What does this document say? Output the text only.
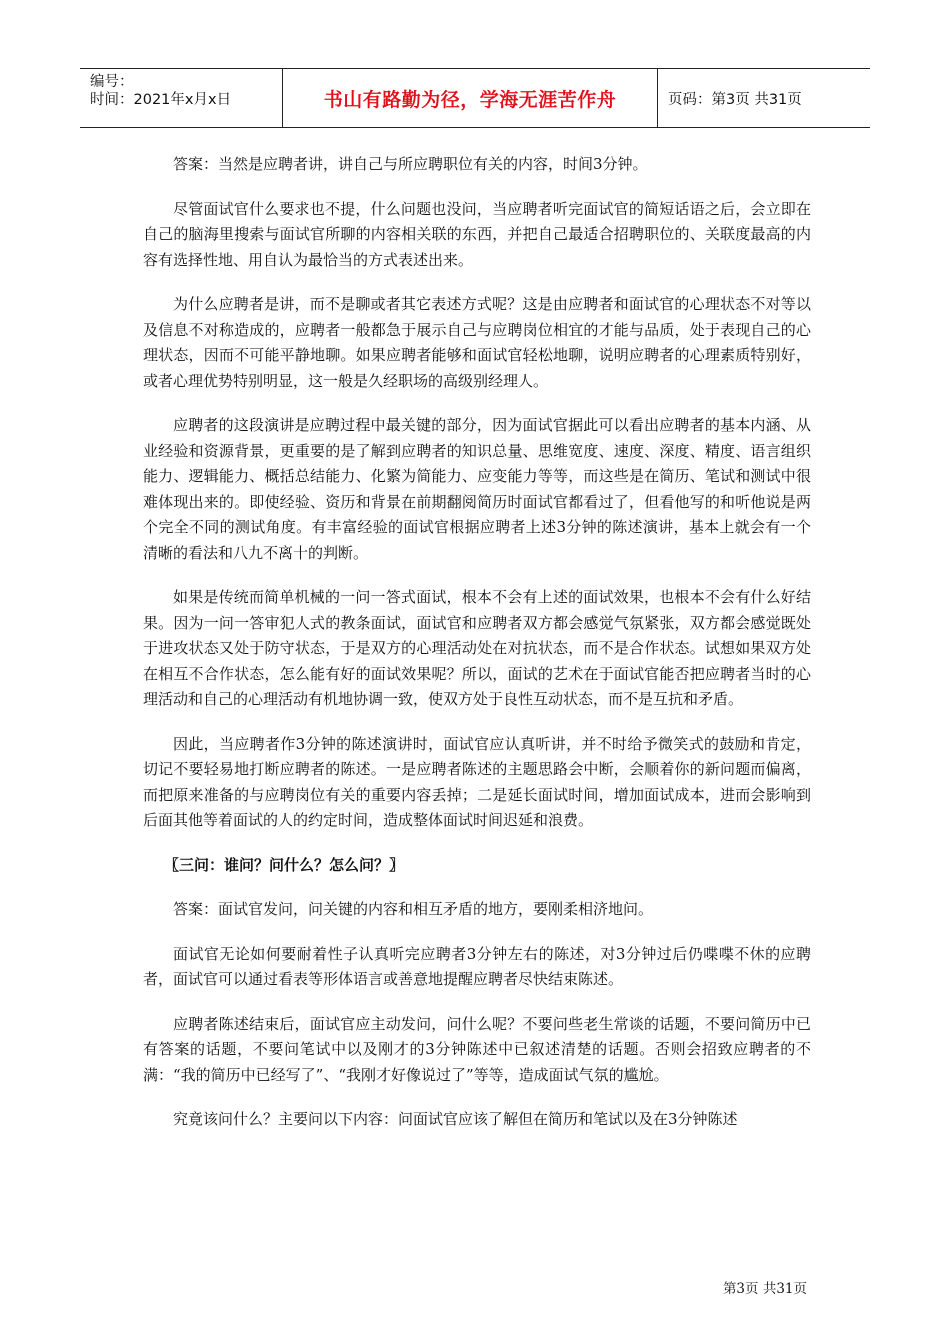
编号：
时间：2021年x月x日	书山有路勤为径，学海无涯苦作舟	页码：第3页 共31页

答案：当然是应聘者讲，讲自己与所应聘职位有关的内容，时间3分钟。

尽管面试官什么要求也不提，什么问题也没问，当应聘者听完面试官的简短话语之后，会立即在自己的脑海里搜索与面试官所聊的内容相关联的东西，并把自己最适合招聘职位的、关联度最高的内容有选择性地、用自认为最恰当的方式表述出来。

为什么应聘者是讲，而不是聊或者其它表述方式呢？这是由应聘者和面试官的心理状态不对等以及信息不对称造成的，应聘者一般都急于展示自己与应聘岗位相宜的才能与品质，处于表现自己的心理状态，因而不可能平静地聊。如果应聘者能够和面试官轻松地聊，说明应聘者的心理素质特别好，或者心理优势特别明显，这一般是久经职场的高级别经理人。

应聘者的这段演讲是应聘过程中最关键的部分，因为面试官据此可以看出应聘者的基本内涵、从业经验和资源背景，更重要的是了解到应聘者的知识总量、思维宽度、速度、深度、精度、语言组织能力、逻辑能力、概括总结能力、化繁为简能力、应变能力等等，而这些是在简历、笔试和测试中很难体现出来的。即使经验、资历和背景在前期翻阅简历时面试官都看过了，但看他写的和听他说是两个完全不同的测试角度。有丰富经验的面试官根据应聘者上述3分钟的陈述演讲，基本上就会有一个清晰的看法和八九不离十的判断。

如果是传统而简单机械的一问一答式面试，根本不会有上述的面试效果，也根本不会有什么好结果。因为一问一答审犯人式的教条面试，面试官和应聘者双方都会感觉气氛紧张，双方都会感觉既处于进攻状态又处于防守状态，于是双方的心理活动处在对抗状态，而不是合作状态。试想如果双方处在相互不合作状态，怎么能有好的面试效果呢？所以，面试的艺术在于面试官能否把应聘者当时的心理活动和自己的心理活动有机地协调一致，使双方处于良性互动状态，而不是互抗和矛盾。

因此，当应聘者作3分钟的陈述演讲时，面试官应认真听讲，并不时给予微笑式的鼓励和肯定，切记不要轻易地打断应聘者的陈述。一是应聘者陈述的主题思路会中断，会顺着你的新问题而偏离，而把原来准备的与应聘岗位有关的重要内容丢掉；二是延长面试时间，增加面试成本，进而会影响到后面其他等着面试的人的约定时间，造成整体面试时间迟延和浪费。

〖三问：谁问？问什么？怎么问？〗

答案：面试官发问，问关键的内容和相互矛盾的地方，要刚柔相济地问。

面试官无论如何要耐着性子认真听完应聘者3分钟左右的陈述，对3分钟过后仍喋喋不休的应聘者，面试官可以通过看表等形体语言或善意地提醒应聘者尽快结束陈述。

应聘者陈述结束后，面试官应主动发问，问什么呢？不要问些老生常谈的话题，不要问简历中已有答案的话题，不要问笔试中以及刚才的3分钟陈述中已叙述清楚的话题。否则会招致应聘者的不满：“我的简历中已经写了”、“我刚才好像说过了”等等，造成面试气氛的尴尬。

究竟该问什么？主要问以下内容：问面试官应该了解但在简历和笔试以及在3分钟陈述

第3页 共31页
